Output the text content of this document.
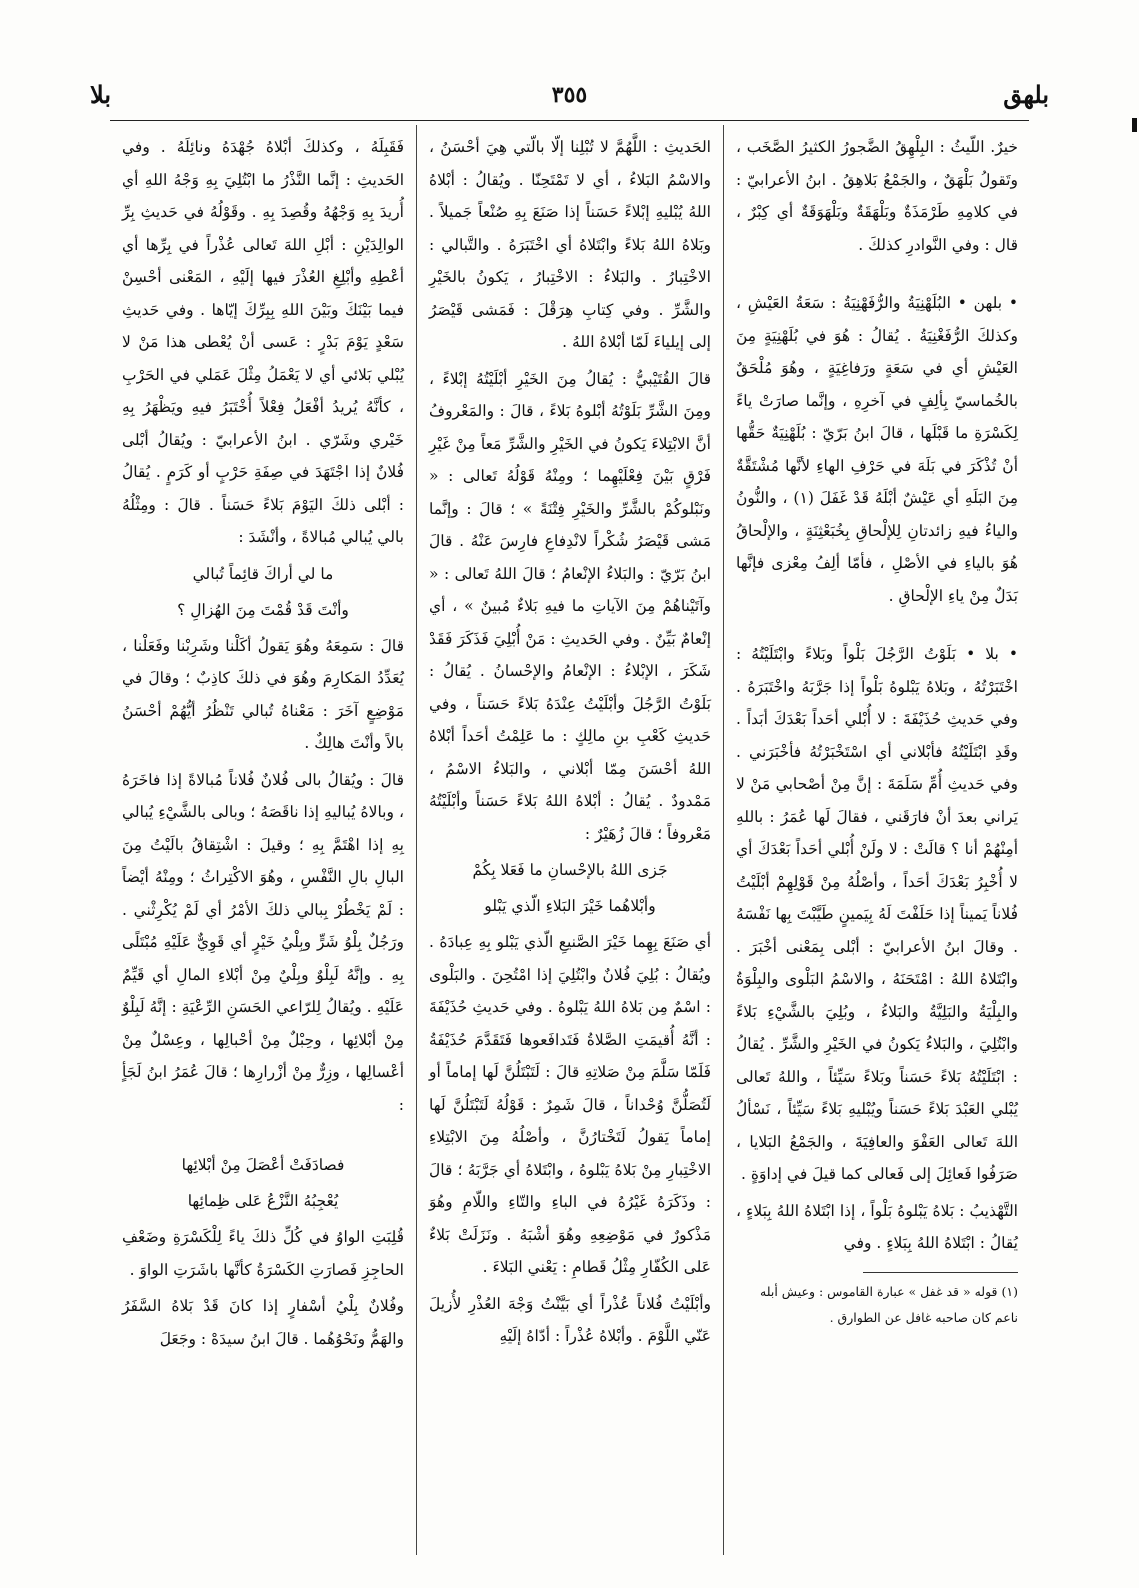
بلهق
٣٥٥
بلا
خيرٌ. اللّيثُ : البِلْهِقُ الضَّجورُ الكثيرُ الصَّخَب ، وتَقولُ بَلْهَقٌ ، والجَمْعُ بَلاهِقُ . ابنُ الأعرابيّ : في كلامِهِ طَرْمَذَةٌ وبَلْهَقَةٌ وبَلْهَوَقَةٌ أي كِبْرٌ ، قال : وفي النَّوادرِ كذلكَ .
• بلهن • البُلَهْنِيَةُ والرُّفَهْنِيَةُ : سَعَةُ العَيْشِ ، وكذلكَ الرُّفَغْنِيَةُ . يُقالُ : هُوَ في بُلَهْنِيَةٍ مِنَ العَيْشِ أي في سَعَةٍ ورَفاغِيَةٍ ، وهُوَ مُلْحَقٌ بالخُماسيّ بِألِفٍ في آخرِهِ ، وإنَّما صارَتْ ياءً لِكَسْرَةِ ما قَبْلَها ، قالَ ابنُ بَرّيّ : بُلَهْنِيَةٌ حَقُّها أنْ تُذْكَرَ في بَلَهَ في حَرْفِ الهاءِ لأنَّها مُشْتَقَّةٌ مِنَ البَلَهِ أي عَيْشٌ أبْلَهُ قَدْ غَفَلَ (١) ، والنُّونُ والياءُ فيهِ زائدتانِ لِلإلْحاقِ بِخُبَعْثِنَةٍ ، والإلْحاقُ هُوَ بالياءِ في الأصْلِ ، فأمّا ألِفُ مِعْزى فإنَّها بَدَلٌ مِنْ ياءِ الإلْحاقِ .
• بلا • بَلَوْتُ الرَّجُلَ بَلْواً وبَلاءً وابْتَلَيْتُهُ : اخْتَبَرْتُهُ ، وبَلاهُ يَبْلوهُ بَلْواً إذا جَرَّبَهُ واخْتَبَرَهُ . وفي حَديثِ حُذَيْفَةَ : لا أُبْلي أحَداً بَعْدَكَ أبَداً . وقَدِ ابْتَلَيْتُهُ فأبْلاني أي اسْتَخْبَرْتُهُ فأخْبَرَني . وفي حَديثِ أُمِّ سَلَمَةَ : إنَّ مِنْ أصْحابي مَنْ لا يَراني بعدَ أنْ فارَقَني ، فقالَ لَها عُمَرُ : باللهِ أمِنْهُمْ أنا ؟ قالَتْ : لا ولَنْ أُبْلي أحَداً بَعْدَكَ أي لا أُخْبِرُ بَعْدَكَ أحَداً ، وأصْلُهُ مِنْ قَوْلِهِمْ أبْلَيْتُ فُلاناً يَميناً إذا حَلَفْتَ لَهُ بِيَمينٍ طَيَّبْتَ بِها نَفْسَهُ . وقالَ ابنُ الأعرابيّ : أبْلى بِمَعْنى أخْبَرَ . وابْتَلاهُ اللهُ : امْتَحَنَهُ ، والاسْمُ البَلْوى والبِلْوَةُ والبِلْيَةُ والبَلِيَّةُ والبَلاءُ ، وبُلِيَ بالشَّيْءِ بَلاءً وابْتُلِيَ ، والبَلاءُ يَكونُ في الخَيْرِ والشَّرِّ . يُقالُ : ابْتَلَيْتُهُ بَلاءً حَسَناً وبَلاءً سَيِّئاً ، واللهُ تَعالى يُبْلي العَبْدَ بَلاءً حَسَناً ويُبْليهِ بَلاءً سَيِّئاً ، نَسْألُ اللهَ تَعالى العَفْوَ والعافِيَةَ ، والجَمْعُ البَلايا ، صَرَفُوا فَعائِلَ إلى فَعالى كما قيلَ في إداوَةٍ .
التَّهْذيبُ : بَلاهُ يَبْلوهُ بَلْواً ، إذا ابْتَلاهُ اللهُ بِبَلاءٍ ، يُقالُ : ابْتَلاهُ اللهُ بِبَلاءٍ . وفي
(١) قوله « قد غفل » عبارة القاموس : وعيش أبله ناعم كان صاحبه غافل عن الطوارق .
الحَديثِ : اللَّهُمَّ لا تُبْلِنا إلّا بالّتي هِيَ أحْسَنُ ، والاسْمُ البَلاءُ ، أي لا تَمْتَحِنّا . ويُقالُ : أبْلاهُ اللهُ يُبْليهِ إبْلاءً حَسَناً إذا صَنَعَ بِهِ صُنْعاً جَميلاً . وبَلاهُ اللهُ بَلاءً وابْتَلاهُ أي اخْتَبَرَهُ . والتَّبالي : الاخْتِبارُ . والبَلاءُ : الاخْتِبارُ ، يَكونُ بالخَيْرِ والشَّرِّ . وفي كِتابِ هِرَقْلَ : فَمَشى قَيْصَرُ إلى إيلياءَ لَمّا أبْلاهُ اللهُ .
قالَ القُتَيْبيُّ : يُقالُ مِنَ الخَيْرِ أبْلَيْتُهُ إبْلاءً ، ومِنَ الشَّرِّ بَلَوْتُهُ أبْلوهُ بَلاءً ، قالَ : والمَعْروفُ أنَّ الابْتِلاءَ يَكونُ في الخَيْرِ والشَّرِّ مَعاً مِنْ غَيْرِ فَرْقٍ بَيْنَ فِعْلَيْهِما ؛ ومِنْهُ قَوْلُهُ تَعالى : « ونَبْلوكُمْ بالشَّرِّ والخَيْرِ فِتْنَةً » ؛ قالَ : وإنَّما مَشى قَيْصَرُ شُكْراً لانْدِفاعِ فارِسَ عَنْهُ . قالَ ابنُ بَرّيّ : والبَلاءُ الإنْعامُ ؛ قالَ اللهُ تَعالى : « وآتَيْناهُمْ مِنَ الآياتِ ما فيهِ بَلاءٌ مُبينٌ » ، أي إنْعامٌ بَيِّنٌ . وفي الحَديثِ : مَنْ أُبْلِيَ فَذَكَرَ فَقَدْ شَكَرَ ، الإبْلاءُ : الإنْعامُ والإحْسانُ . يُقالُ : بَلَوْتُ الرَّجُلَ وأبْلَيْتُ عِنْدَهُ بَلاءً حَسَناً ، وفي حَديثِ كَعْبِ بنِ مالِكٍ : ما عَلِمْتُ أحَداً أبْلاهُ اللهُ أحْسَنَ مِمّا أبْلاني ، والبَلاءُ الاسْمُ ، مَمْدودٌ . يُقالُ : أبْلاهُ اللهُ بَلاءً حَسَناً وأبْلَيْتُهُ مَعْروفاً ؛ قالَ زُهَيْرٌ :
جَزى اللهُ بالإحْسانِ ما فَعَلا بِكُمْ
وأبْلاهُما خَيْرَ البَلاءِ الّذي يَبْلو
أي صَنَعَ بِهِما خَيْرَ الصَّنيعِ الّذي يَبْلو بِهِ عِبادَهُ . ويُقالُ : بُلِيَ فُلانٌ وابْتُلِيَ إذا امْتُحِنَ . والبَلْوى : اسْمٌ مِن بَلاهُ اللهُ يَبْلوهُ . وفي حَديثِ حُذَيْفَةَ : أنَّهُ أُقيمَتِ الصَّلاةُ فَتَدافَعوها فَتَقَدَّمَ حُذَيْفَةُ فَلَمّا سَلَّمَ مِنْ صَلاتِهِ قالَ : لَتَبْتَلُنَّ لَها إماماً أو لَتُصَلُّنَّ وُحْداناً ، قالَ شَمِرٌ : قَوْلُهُ لَتَبْتَلُنَّ لَها إماماً يَقولُ لَتَخْتارُنَّ ، وأصْلُهُ مِنَ الابْتِلاءِ الاخْتِبارِ مِنْ بَلاهُ يَبْلوهُ ، وابْتَلاهُ أي جَرَّبَهُ ؛ قالَ : وذَكَرَهُ غَيْرُهُ في الباءِ والتّاءِ واللّامِ وهُوَ مَذْكورٌ في مَوْضِعِهِ وهُوَ أشْبَهُ . ونَزَلَتْ بَلاءٌ عَلى الكُفّارِ مِثْلُ قَطامِ : يَعْني البَلاءَ .
وأبْلَيْتُ فُلاناً عُذْراً أي بَيَّنْتُ وَجْهَ العُذْرِ لأُزيلَ عَنّي اللَّوْمَ . وأبْلاهُ عُذْراً : أدّاهُ إلَيْهِ
فَقَبِلَهُ ، وكذلكَ أبْلاهُ جُهْدَهُ ونائِلَهُ . وفي الحَديثِ : إنَّما النَّذْرُ ما ابْتُلِيَ بِهِ وَجْهُ اللهِ أي أُريدَ بِهِ وَجْهُهُ وقُصِدَ بِهِ . وقَوْلُهُ في حَديثِ بِرِّ الوالِدَيْنِ : أبْلِ اللهَ تَعالى عُذْراً في بِرِّها أي أعْطِهِ وأبْلِغِ العُذْرَ فيها إلَيْهِ ، المَعْنى أحْسِنْ فيما بَيْنَكَ وبَيْنَ اللهِ بِبِرِّكَ إيّاها . وفي حَديثِ سَعْدٍ يَوْمَ بَدْرٍ : عَسى أنْ يُعْطى هذا مَنْ لا يُبْلي بَلائي أي لا يَعْمَلُ مِثْلَ عَمَلي في الحَرْبِ ، كأنَّهُ يُريدُ أفْعَلُ فِعْلاً أُخْتَبَرُ فيهِ ويَظْهَرُ بِهِ خَيْري وشَرّي . ابنُ الأعرابيّ : ويُقالُ أبْلى فُلانٌ إذا اجْتَهَدَ في صِفَةِ حَرْبٍ أو كَرَمٍ . يُقالُ : أبْلى ذلكَ اليَوْمَ بَلاءً حَسَناً . قالَ : ومِثْلُهُ بالي يُبالي مُبالاةً ، وأنْشَدَ :
ما لي أراكَ قائِماً تُبالي
وأنْتَ قَدْ قُمْتَ مِنَ الهُزالِ ؟
قالَ : سَمِعَهُ وهُوَ يَقولُ أكَلْنا وشَرِبْنا وفَعَلْنا ، يُعَدِّدُ المَكارِمَ وهُوَ في ذلكَ كاذِبٌ ؛ وقالَ في مَوْضِعٍ آخَرَ : مَعْناهُ تُبالي تَنْظُرُ أيُّهُمْ أحْسَنُ بالاً وأنْتَ هالِكٌ .
قالَ : ويُقالُ بالى فُلانٌ فُلاناً مُبالاةً إذا فاخَرَهُ ، وبالاهُ يُباليهِ إذا ناقَصَهُ ؛ وبالى بالشَّيْءِ يُبالي بِهِ إذا اهْتَمَّ بِهِ ؛ وقيلَ : اشْتِقاقُ بالَيْتُ مِنَ البالِ بالِ النَّفْسِ ، وهُوَ الاكْتِراثُ ؛ ومِنْهُ أيْضاً : لَمْ يَخْطُرْ بِبالي ذلكَ الأمْرُ أي لَمْ يُكْرِثْني . ورَجُلٌ بِلْوُ شَرٍّ وبِلْيُ خَيْرٍ أي قَوِيٌّ عَلَيْهِ مُبْتَلًى بِهِ . وإنَّهُ لَبِلْوٌ وبِلْيٌ مِنْ أبْلاءِ المالِ أي قَيِّمٌ عَلَيْهِ . ويُقالُ لِلرّاعي الحَسَنِ الرِّعْيَةِ : إنَّهُ لَبِلْوٌ مِنْ أبْلائِها ، وحِبْلٌ مِنْ أحْبالِها ، وعِسْلٌ مِنْ أعْسالِها ، وزِرٌّ مِنْ أزْرارِها ؛ قالَ عُمَرُ ابنُ لَجَأٍ :
فصادَفَتْ أعْصَلَ مِنْ أبْلائِها
يُعْجِبُهُ النَّزْعُ عَلى ظِمائِها
قُلِبَتِ الواوُ في كُلِّ ذلكَ ياءً لِلْكَسْرَةِ وضَعْفِ الحاجِزِ فَصارَتِ الكَسْرَةُ كأنَّها باشَرَتِ الواوَ .
وفُلانٌ بِلْيُ أسْفارٍ إذا كانَ قَدْ بَلاهُ السَّفَرُ والهَمُّ ونَحْوُهُما . قالَ ابنُ سيدَهْ : وجَعَلَ
